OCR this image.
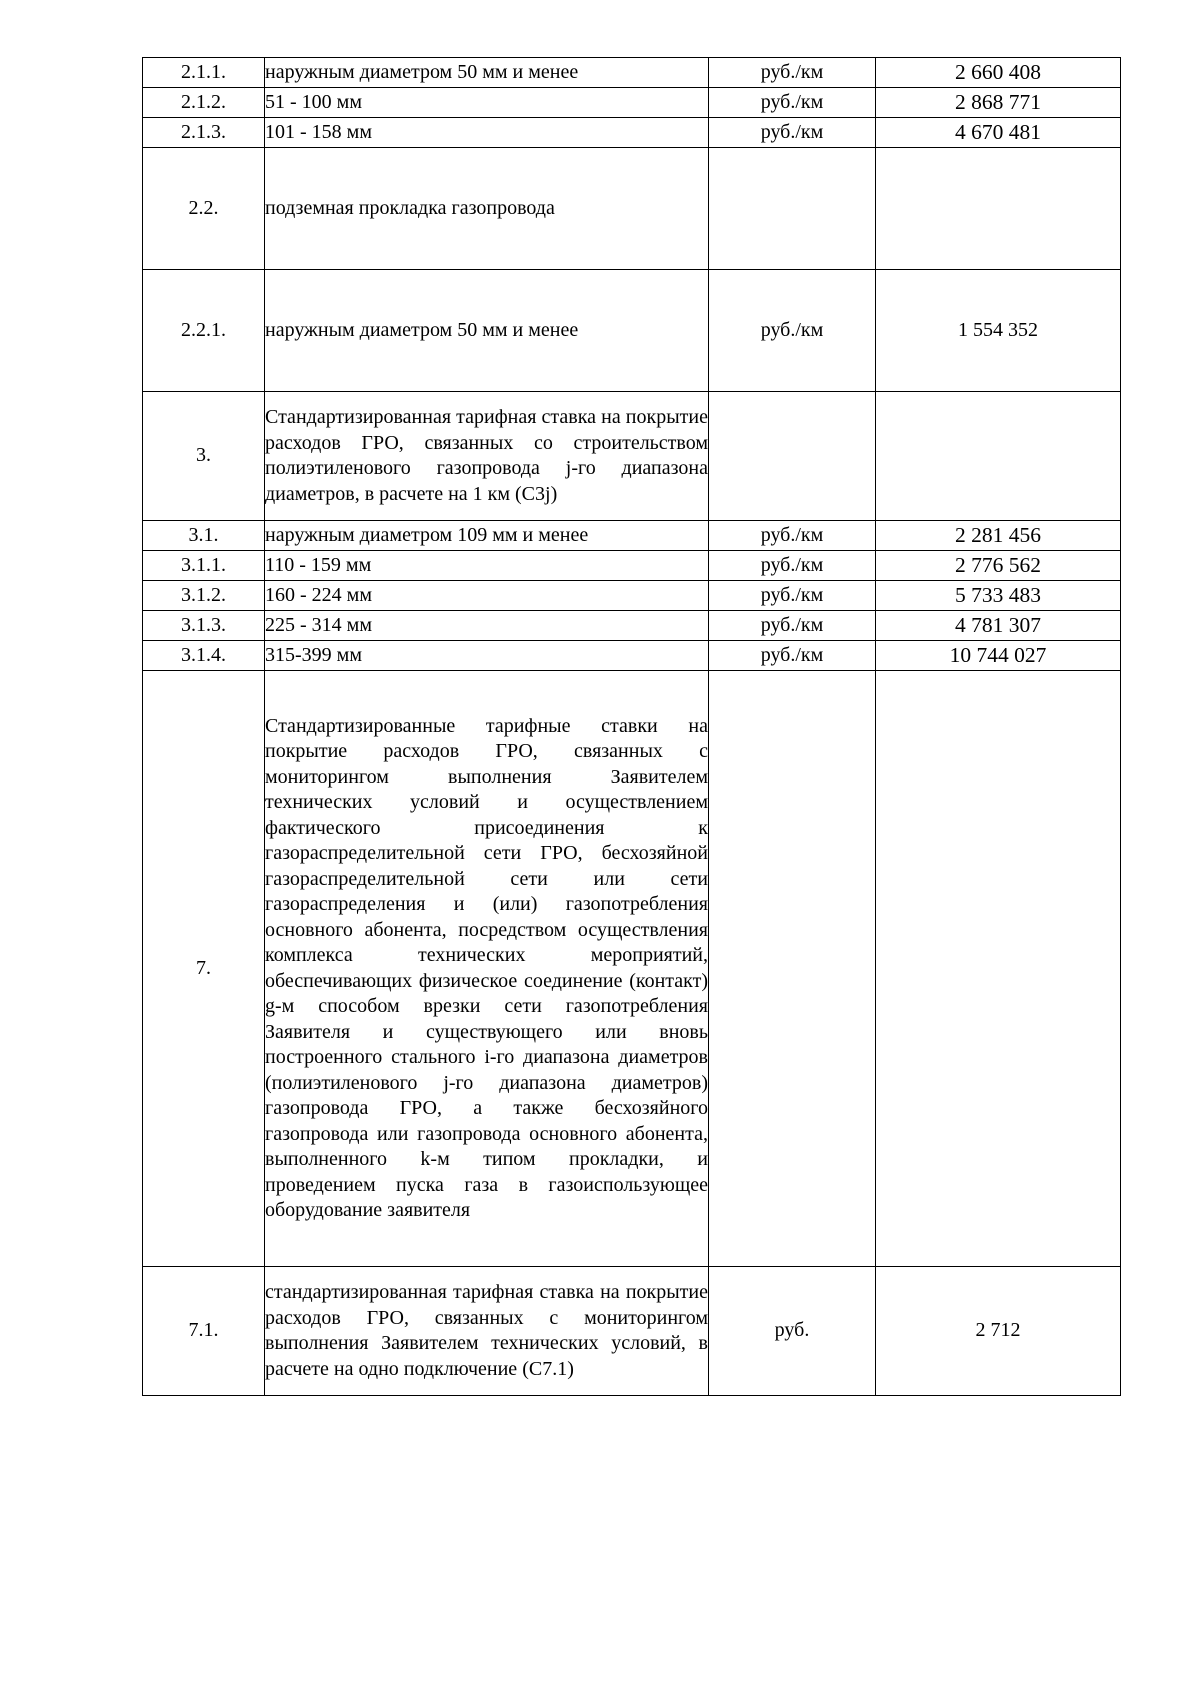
2.1.1.	наружным диаметром 50 мм и менее	руб./км	2 660 408
2.1.2.	51 - 100 мм	руб./км	2 868 771
2.1.3.	101 - 158 мм	руб./км	4 670 481
2.2.	подземная прокладка газопровода		
2.2.1.	наружным диаметром 50 мм и менее	руб./км	1 554 352
3.	Стандартизированная тарифная ставка на покрытие расходов ГРО, связанных со строительством полиэтиленового газопровода j-го диапазона диаметров, в расчете на 1 км (С3j)		
3.1.	наружным диаметром 109 мм и менее	руб./км	2 281 456
3.1.1.	110 - 159 мм	руб./км	2 776 562
3.1.2.	160 - 224 мм	руб./км	5 733 483
3.1.3.	225 - 314 мм	руб./км	4 781 307
3.1.4.	315-399 мм	руб./км	10 744 027
7.	Стандартизированные тарифные ставки на покрытие расходов ГРО, связанных с мониторингом выполнения Заявителем технических условий и осуществлением фактического присоединения к газораспределительной сети ГРО, бесхозяйной газораспределительной сети или сети газораспределения и (или) газопотребления основного абонента, посредством осуществления комплекса технических мероприятий, обеспечивающих физическое соединение (контакт) g-м способом врезки сети газопотребления Заявителя и существующего или вновь построенного стального i-го диапазона диаметров (полиэтиленового j-го диапазона диаметров) газопровода ГРО, а также бесхозяйного газопровода или газопровода основного абонента, выполненного k-м типом прокладки, и проведением пуска газа в газоиспользующее оборудование заявителя		
7.1.	стандартизированная тарифная ставка на покрытие расходов ГРО, связанных с мониторингом выполнения Заявителем технических условий, в расчете на одно подключение (С7.1)	руб.	2 712
